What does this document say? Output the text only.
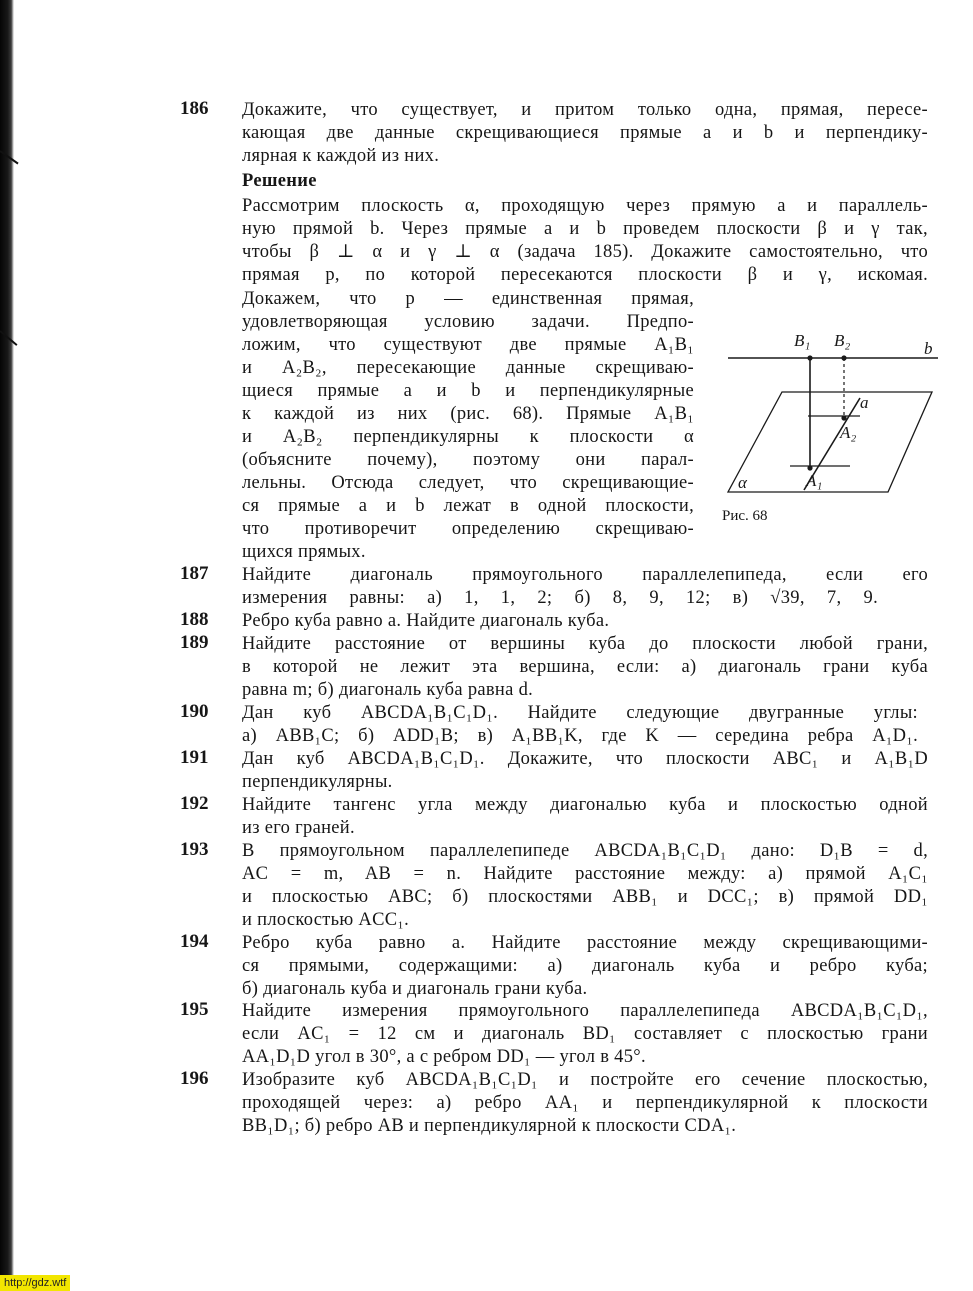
186	Докажите, что существует, и притом только одна, прямая, пересе-
кающая две данные скрещивающиеся прямые a и b и перпендику-
лярная к каждой из них.
Решение
Рассмотрим плоскость α, проходящую через прямую a и параллель-
ную прямой b. Через прямые a и b проведем плоскости β и γ так,
чтобы β ⊥ α и γ ⊥ α (задача 185). Докажите самостоятельно, что
прямая p, по которой пересекаются плоскости β и γ, искомая.
Докажем, что p — единственная прямая,
удовлетворяющая условию задачи. Предпо-
ложим, что существуют две прямые A₁B₁
и A₂B₂, пересекающие данные скрещиваю-
щиеся прямые a и b и перпендикулярные
к каждой из них (рис. 68). Прямые A₁B₁
и A₂B₂ перпендикулярны к плоскости α
(объясните почему), поэтому они парал-
лельны. Отсюда следует, что скрещивающие-
ся прямые a и b лежат в одной плоскости,
что противоречит определению скрещиваю-
щихся прямых.
B₁ B₂	b
a
A₂
α	A₁
Рис. 68
187	Найдите диагональ прямоугольного параллелепипеда, если его
измерения равны: а) 1, 1, 2; б) 8, 9, 12; в) √39, 7, 9.
188	Ребро куба равно a. Найдите диагональ куба.
189	Найдите расстояние от вершины куба до плоскости любой грани,
в которой не лежит эта вершина, если: а) диагональ грани куба
равна m; б) диагональ куба равна d.
190	Дан куб ABCDA₁B₁C₁D₁. Найдите следующие двугранные углы:
а) ABB₁C; б) ADD₁B; в) A₁BB₁K, где K — середина ребра A₁D₁.
191	Дан куб ABCDA₁B₁C₁D₁. Докажите, что плоскости ABC₁ и A₁B₁D
перпендикулярны.
192	Найдите тангенс угла между диагональю куба и плоскостью одной
из его граней.
193	В прямоугольном параллелепипеде ABCDA₁B₁C₁D₁ дано: D₁B = d,
AC = m, AB = n. Найдите расстояние между: а) прямой A₁C₁
и плоскостью ABC; б) плоскостями ABB₁ и DCC₁; в) прямой DD₁
и плоскостью ACC₁.
194	Ребро куба равно a. Найдите расстояние между скрещивающими-
ся прямыми, содержащими: а) диагональ куба и ребро куба;
б) диагональ куба и диагональ грани куба.
195	Найдите измерения прямоугольного параллелепипеда ABCDA₁B₁C₁D₁,
если AC₁ = 12 см и диагональ BD₁ составляет с плоскостью грани
AA₁D₁D угол в 30°, а с ребром DD₁ — угол в 45°.
196	Изобразите куб ABCDA₁B₁C₁D₁ и постройте его сечение плоскостью,
проходящей через: а) ребро AA₁ и перпендикулярной к плоскости
BB₁D₁; б) ребро AB и перпендикулярной к плоскости CDA₁.
http://gdz.wtf
